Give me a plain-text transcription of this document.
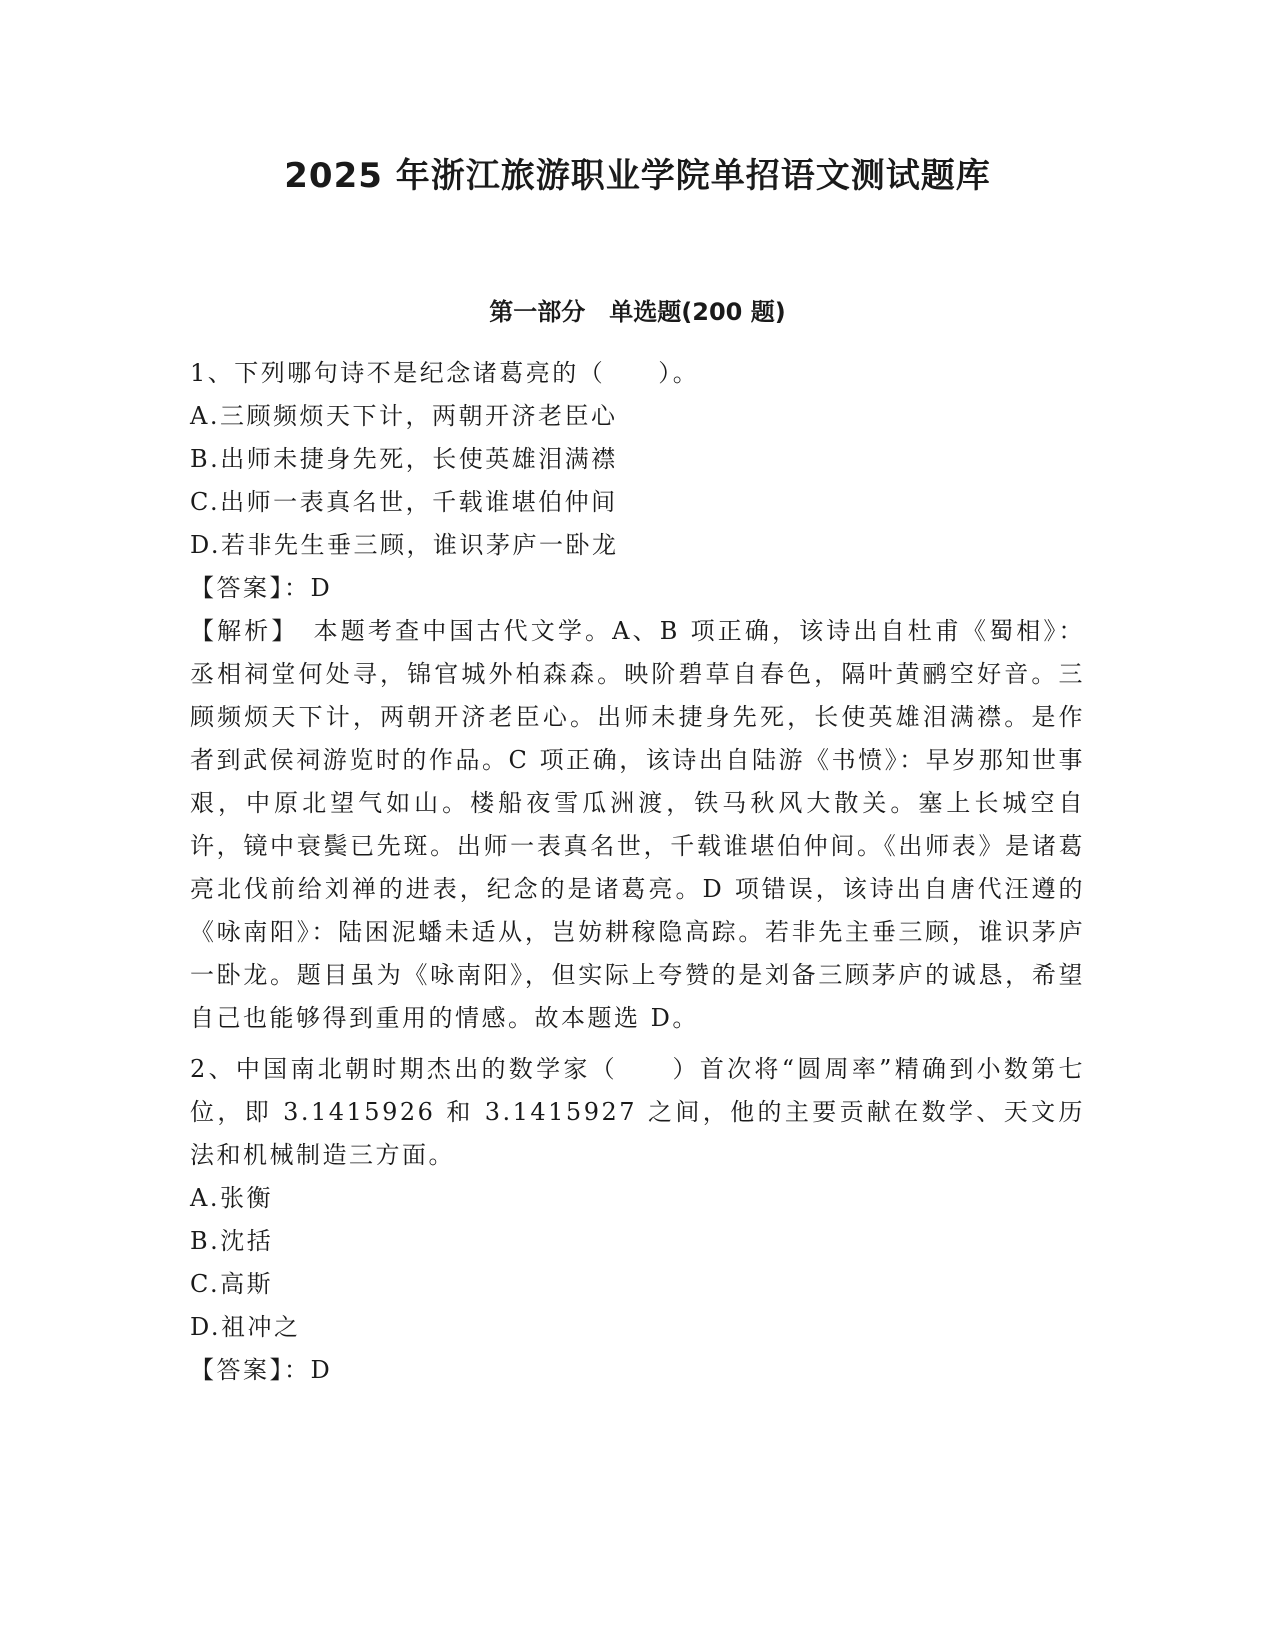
2025 年浙江旅游职业学院单招语文测试题库
第一部分　单选题(200 题)
1、下列哪句诗不是纪念诸葛亮的（　　）。
A.三顾频烦天下计，两朝开济老臣心
B.出师未捷身先死，长使英雄泪满襟
C.出师一表真名世，千载谁堪伯仲间
D.若非先生垂三顾，谁识茅庐一卧龙
【答案】：D
【解析】　本题考查中国古代文学。A、B 项正确，该诗出自杜甫《蜀相》：丞相祠堂何处寻，锦官城外柏森森。映阶碧草自春色，隔叶黄鹂空好音。三顾频烦天下计，两朝开济老臣心。出师未捷身先死，长使英雄泪满襟。是作者到武侯祠游览时的作品。C 项正确，该诗出自陆游《书愤》：早岁那知世事艰，中原北望气如山。楼船夜雪瓜洲渡，铁马秋风大散关。塞上长城空自许，镜中衰鬓已先斑。出师一表真名世，千载谁堪伯仲间。《出师表》是诸葛亮北伐前给刘禅的进表，纪念的是诸葛亮。D 项错误，该诗出自唐代汪遵的《咏南阳》：陆困泥蟠未适从，岂妨耕稼隐高踪。若非先主垂三顾，谁识茅庐一卧龙。题目虽为《咏南阳》，但实际上夸赞的是刘备三顾茅庐的诚恳，希望自己也能够得到重用的情感。故本题选 D。
2、中国南北朝时期杰出的数学家（　　）首次将“圆周率”精确到小数第七位，即 3.1415926 和 3.1415927 之间，他的主要贡献在数学、天文历法和机械制造三方面。
A.张衡
B.沈括
C.高斯
D.祖冲之
【答案】：D
